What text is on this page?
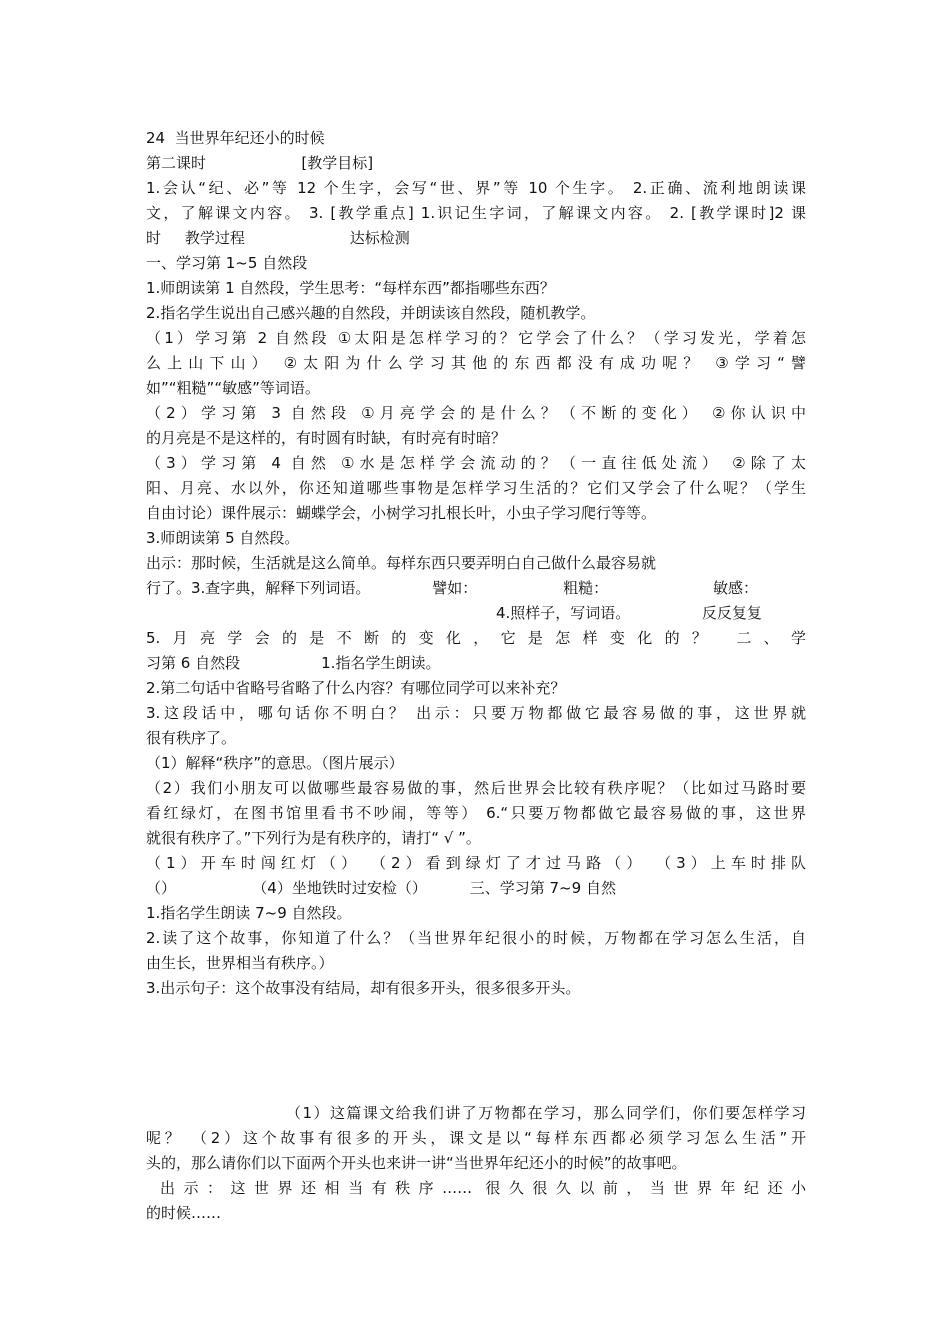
24  当世界年纪还小的时候
第二课时                    [教学目标]
1.会认“纪、必”等 12 个生字，会写“世、界”等 10 个生字。 2.正确、流利地朗读课
文，了解课文内容。 3. [教学重点] 1.识记生字词，了解课文内容。 2. [教学课时]2 课
时     教学过程                      达标检测
一、学习第 1~5 自然段
1.师朗读第 1 自然段，学生思考：“每样东西”都指哪些东西？
2.指名学生说出自己感兴趣的自然段，并朗读该自然段，随机教学。
（1）学习第 2 自然段 ①太阳是怎样学习的？它学会了什么？（学习发光，学着怎
么上山下山） ②太阳为什么学习其他的东西都没有成功呢？ ③学习“譬
如”“粗糙”“敏感”等词语。
（2）学习第 3 自然段 ①月亮学会的是什么？（不断的变化） ②你认识中
的月亮是不是这样的，有时圆有时缺，有时亮有时暗？
（3）学习第 4 自然 ①水是怎样学会流动的？（一直往低处流） ②除了太
阳、月亮、水以外，你还知道哪些事物是怎样学习生活的？它们又学会了什么呢？（学生
自由讨论）课件展示：蝴蝶学会，小树学习扎根长叶，小虫子学习爬行等等。
3.师朗读第 5 自然段。
出示：那时候，生活就是这么简单。每样东西只要弄明白自己做什么最容易就
行了。3.查字典，解释下列词语。             譬如：                  粗糙：                      敏感：
4.照样子，写词语。               反反复复
5.月亮学会的是不断的变化，它是怎样变化的？ 二、学
习第 6 自然段                 1.指名学生朗读。
2.第二句话中省略号省略了什么内容？有哪位同学可以来补充？
3.这段话中，哪句话你不明白？ 出示：只要万物都做它最容易做的事，这世界就
很有秩序了。
（1）解释“秩序”的意思。（图片展示）
（2）我们小朋友可以做哪些最容易做的事，然后世界会比较有秩序呢？（比如过马路时要
看红绿灯，在图书馆里看书不吵闹，等等） 6.“只要万物都做它最容易做的事，这世界
就很有秩序了。”下列行为是有秩序的，请打“ √ ”。
（1）开车时闯红灯（） （2）看到绿灯了才过马路（） （3）上车时排队
（）                （4）坐地铁时过安检（）         三、学习第 7~9 自然
1.指名学生朗读 7~9 自然段。
2.读了这个故事，你知道了什么？（当世界年纪很小的时候，万物都在学习怎么生活，自
由生长，世界相当有秩序。）
3.出示句子：这个故事没有结局，却有很多开头，很多很多开头。
（1）这篇课文给我们讲了万物都在学习，那么同学们，你们要怎样学习
呢？ （2）这个故事有很多的开头，课文是以“每样东西都必须学习怎么生活”开
头的，那么请你们以下面两个开头也来讲一讲“当世界年纪还小的时候”的故事吧。
出示：这世界还相当有秩序…… 很久很久以前，当世界年纪还小
的时候……
